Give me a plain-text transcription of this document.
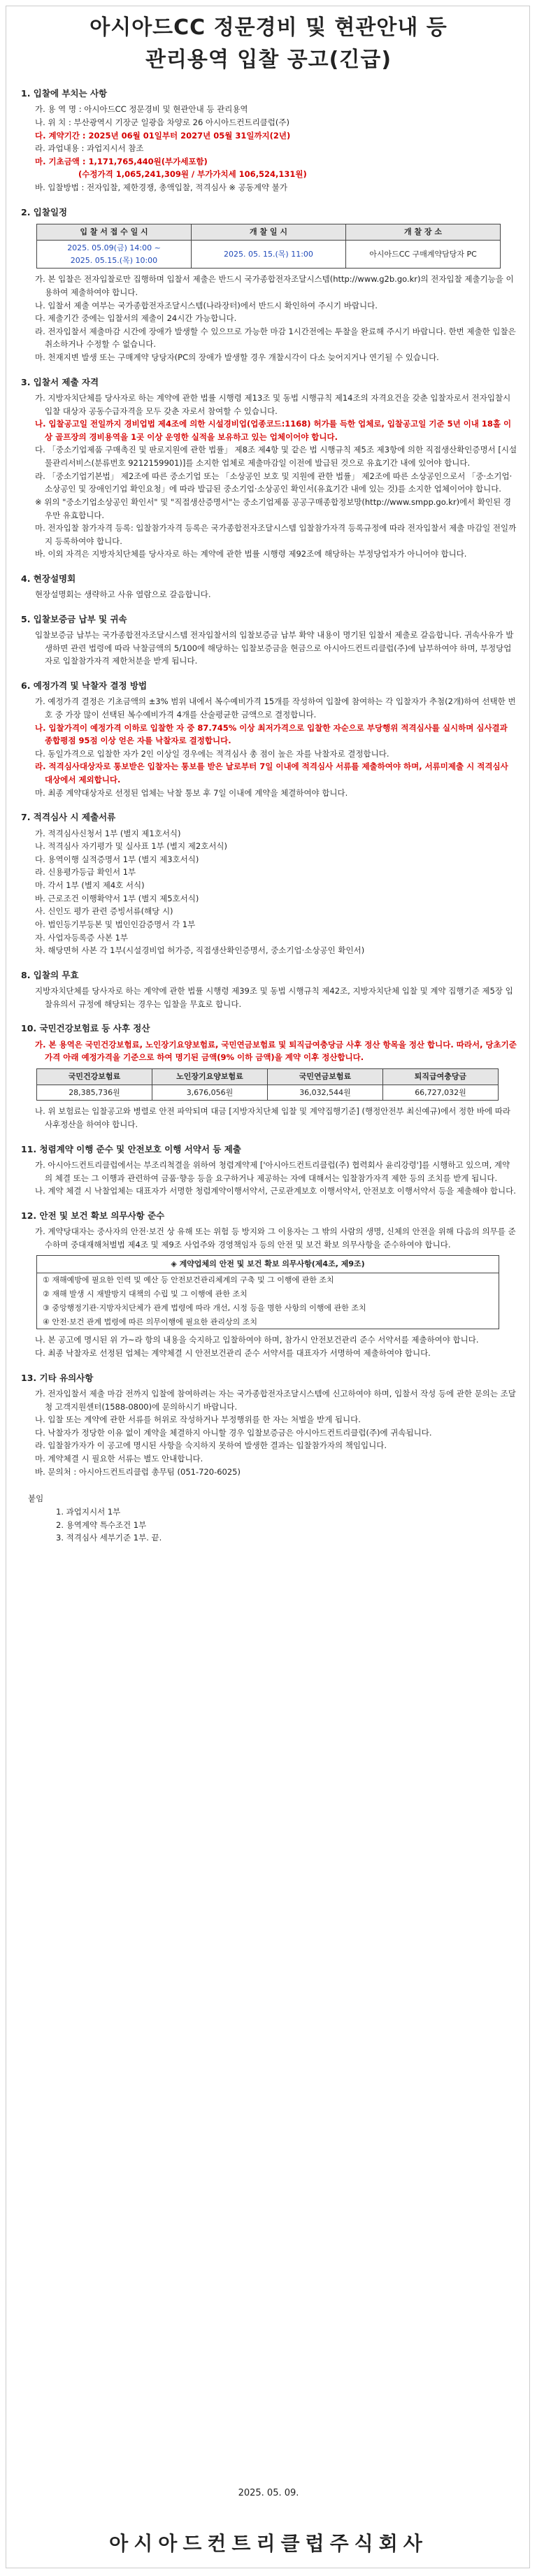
아시아드CC 정문경비 및 현관안내 등
관리용역 입찰 공고(긴급)
1. 입찰에 부치는 사항

가. 용 역 명 : 아시아드CC 정문경비 및 현관안내 등 관리용역

나. 위 치 : 부산광역시 기장군 일광읍 차양로 26 아시아드컨트리클럽(주)

다. 계약기간 : 2025년 06월 01일부터 2027년 05월 31일까지(2년)

라. 과업내용 : 과업지시서 참조

마. 기초금액 : 1,171,765,440원(부가세포함)

(수정가격 1,065,241,309원 / 부가가치세 106,524,131원)

바. 입찰방법 : 전자입찰, 제한경쟁, 총액입찰, 적격심사 ※ 공동계약 불가

2. 입찰일정
입 찰 서 접 수 일 시	개 찰 일 시	개 찰 장 소

2025. 05.09(금) 14:00 ~
2025. 05.15.(목) 10:00	2025. 05. 15.(목) 11:00	아시아드CC 구매계약담당자 PC

가. 본 입찰은 전자입찰로만 집행하며 입찰서 제출은 반드시 국가종합전자조달시스템(http://www.g2b.go.kr)의 전자입찰 제출기능을 이용하여 제출하여야 합니다.

나. 입찰서 제출 여부는 국가종합전자조달시스템(나라장터)에서 반드시 확인하여 주시기 바랍니다.

다. 제출기간 중에는 입찰서의 제출이 24시간 가능합니다.

라. 전자입찰서 제출마감 시간에 장애가 발생할 수 있으므로 가능한 마감 1시간전에는 투찰을 완료해 주시기 바랍니다. 한번 제출한 입찰은 취소하거나 수정할 수 없습니다.

마. 천재지변 발생 또는 구매계약 당당자(PC의 장애가 발생할 경우 개찰시각이 다소 늦어지거나 연기될 수 있습니다.

3. 입찰서 제출 자격

가. 지방자치단체를 당사자로 하는 계약에 관한 법률 시행령 제13조 및 동법 시행규칙 제14조의 자격요건을 갖춘 입찰자로서 전자입찰시 입찰 대상자 공동수급자격을 모두 갖춘 자로서 참여할 수 있습니다.

나. 입찰공고일 전일까지 경비업법 제4조에 의한 시설경비업(업종코드:1168) 허가를 득한 업체로, 입찰공고일 기준 5년 이내 18홀 이상 골프장의 경비용역을 1곳 이상 운영한 실적을 보유하고 있는 업체이어야 합니다.

다. 「중소기업제품 구매촉진 및 판로지원에 관한 법률」 제8조 제4항 및 같은 법 시행규칙 제5조 제3항에 의한 직접생산확인증명서 [시설물관리서비스(분류번호 9212159901)]를 소지한 업체로 제출마감일 이전에 발급된 것으로 유효기간 내에 있어야 합니다.

라. 「중소기업기본법」 제2조에 따른 중소기업 또는 「소상공인 보호 및 지원에 관한 법률」 제2조에 따른 소상공인으로서 「중·소기업·소상공인 및 장애인기업 확인요청」에 따라 발급된 중소기업·소상공인 확인서(유효기간 내에 있는 것)를 소지한 업체이어야 합니다.

※ 위의 "중소기업소상공인 확인서" 및 "직접생산증명서"는 중소기업제품 공공구매종합정보망(http://www.smpp.go.kr)에서 확인된 경우만 유효합니다.

마. 전자입찰 참가자격 등록: 입찰참가자격 등록은 국가종합전자조달시스템 입찰참가자격 등록규정에 따라 전자입찰서 제출 마감일 전일까지 등록하여야 합니다.

바. 이외 자격은 지방자치단체를 당사자로 하는 계약에 관한 법률 시행령 제92조에 해당하는 부정당업자가 아니어야 합니다.

4. 현장설명회

현장설명회는 생략하고 사유 열람으로 갈음합니다.

5. 입찰보증금 납부 및 귀속

입찰보증금 납부는 국가종합전자조달시스템 전자입찰서의 입찰보증금 납부 확약 내용이 명기된 입찰서 제출로 갈음합니다. 귀속사유가 발생하면 관련 법령에 따라 낙찰금액의 5/100에 해당하는 입찰보증금을 현금으로 아시아드컨트리클럽(주)에 납부하여야 하며, 부정당업자로 입찰참가자격 제한처분을 받게 됩니다.

6. 예정가격 및 낙찰자 결정 방법

가. 예정가격 결정은 기초금액의 ±3% 범위 내에서 복수예비가격 15개를 작성하여 입찰에 참여하는 각 입찰자가 추첨(2개)하여 선택한 번호 중 가장 많이 선택된 복수예비가격 4개를 산술평균한 금액으로 결정합니다.

나. 입찰가격이 예정가격 이하로 입찰한 자 중 87.745% 이상 최저가격으로 입찰한 자순으로 부당행위 적격심사를 실시하며 심사결과 종합평점 95점 이상 얻은 자를 낙찰자로 결정합니다.

다. 동일가격으로 입찰한 자가 2인 이상일 경우에는 적격심사 총 점이 높은 자를 낙찰자로 결정합니다.

라. 적격심사대상자로 통보받은 입찰자는 통보를 받은 날로부터 7일 이내에 적격심사 서류를 제출하여야 하며, 서류미제출 시 적격심사 대상에서 제외합니다.

마. 최종 계약대상자로 선정된 업체는 낙찰 통보 후 7일 이내에 계약을 체결하여야 합니다.

7. 적격심사 시 제출서류

가. 적격심사신청서 1부 (별지 제1호서식)

나. 적격심사 자기평가 및 실사표 1부 (별지 제2호서식)

다. 용역이행 실적증명서 1부 (별지 제3호서식)

라. 신용평가등급 확인서 1부

마. 각서 1부 (별지 제4호 서식)

바. 근로조건 이행확약서 1부 (별지 제5호서식)

사. 신인도 평가 관련 증빙서류(해당 시)

아. 법인등기부등본 및 법인인감증명서 각 1부

자. 사업자등록증 사본 1부

차. 해당면허 사본 각 1부(시설경비업 허가증, 직접생산확인증명서, 중소기업·소상공인 확인서)

8. 입찰의 무효

지방자치단체를 당사자로 하는 계약에 관한 법률 시행령 제39조 및 동법 시행규칙 제42조, 지방자치단체 입찰 및 계약 집행기준 제5장 입찰유의서 규정에 해당되는 경우는 입찰을 무효로 합니다.

10. 국민건강보험료 등 사후 정산

가. 본 용역은 국민건강보험료, 노인장기요양보험료, 국민연금보험료 및 퇴직급여충당금 사후 정산 항목을 정산 합니다. 따라서, 당초기준가격 아래 예정가격을 기준으로 하여 명기된 금액(9% 이하 금액)을 계약 이후 정산합니다.

국민건강보험료	노인장기요양보험료	국민연금보험료	퇴직급여충당금
28,385,736원	3,676,056원	36,032,544원	66,727,032원

나. 위 보험료는 입찰공고와 병렬로 안전 파악되며 대금 [지방자치단체 입찰 및 계약집행기준] (행정안전부 최신예규)에서 정한 바에 따라 사후정산을 하여야 합니다.

11. 청렴계약 이행 준수 및 안전보호 이행 서약서 등 제출

가. 아시아드컨트리클럽에서는 부조리척결을 위하여 청렴계약제 ['아시아드컨트리클럽(주) 협력회사 윤리강령']를 시행하고 있으며, 계약의 체결 또는 그 이행과 관련하여 금품·향응 등을 요구하거나 제공하는 자에 대해서는 입찰참가자격 제한 등의 조치를 받게 됩니다.

나. 계약 체결 시 낙찰업체는 대표자가 서명한 청렴계약이행서약서, 근로관계보호 이행서약서, 안전보호 이행서약서 등을 제출해야 합니다.

12. 안전 및 보건 확보 의무사항 준수

가. 계약당대자는 중사자의 안전·보건 상 유해 또는 위험 등 방지와 그 이용자는 그 밖의 사람의 생명, 신체의 안전을 위해 다음의 의무를 준수하며 중대재해처벌법 제4조 및 제9조 사업주와 경영책임자 등의 안전 및 보건 확보 의무사항을 준수하여야 합니다.

◈ 계약업체의 안전 및 보건 확보 의무사항(제4조, 제9조)
① 재해예방에 필요한 인력 및 예산 등 안전보건관리체계의 구축 및 그 이행에 관한 조치
② 재해 발생 시 재발방지 대책의 수립 및 그 이행에 관한 조치
③ 중앙행정기관·지방자치단체가 관계 법령에 따라 개선, 시정 등을 명한 사항의 이행에 관한 조치
④ 안전·보건 관계 법령에 따른 의무이행에 필요한 관리상의 조치

나. 본 공고에 명시된 위 가~라 항의 내용을 숙지하고 입찰하여야 하며, 참가시 안전보건관리 준수 서약서를 제출하여야 합니다.

다. 최종 낙찰자로 선정된 업체는 계약체결 시 안전보건관리 준수 서약서를 대표자가 서명하여 제출하여야 합니다.

13. 기타 유의사항

가. 전자입찰서 제출 마감 전까지 입찰에 참여하려는 자는 국가종합전자조달시스템에 신고하여야 하며, 입찰서 작성 등에 관한 문의는 조달청 고객지원센터(1588-0800)에 문의하시기 바랍니다.

나. 입찰 또는 계약에 관한 서류를 허위로 작성하거나 부정행위를 한 자는 처벌을 받게 됩니다.

다. 낙찰자가 정당한 이유 없이 계약을 체결하지 아니할 경우 입찰보증금은 아시아드컨트리클럽(주)에 귀속됩니다.

라. 입찰참가자가 이 공고에 명시된 사항을 숙지하지 못하여 발생한 결과는 입찰참가자의 책임입니다.

마. 계약체결 시 필요한 서류는 별도 안내합니다.

바. 문의처 : 아시아드컨트리클럽 총무팀 (051-720-6025)

붙임
1. 과업지시서 1부
2. 용역계약 특수조건 1부
3. 적격심사 세부기준 1부. 끝.
2025. 05. 09.
아시아드컨트리클럽주식회사
